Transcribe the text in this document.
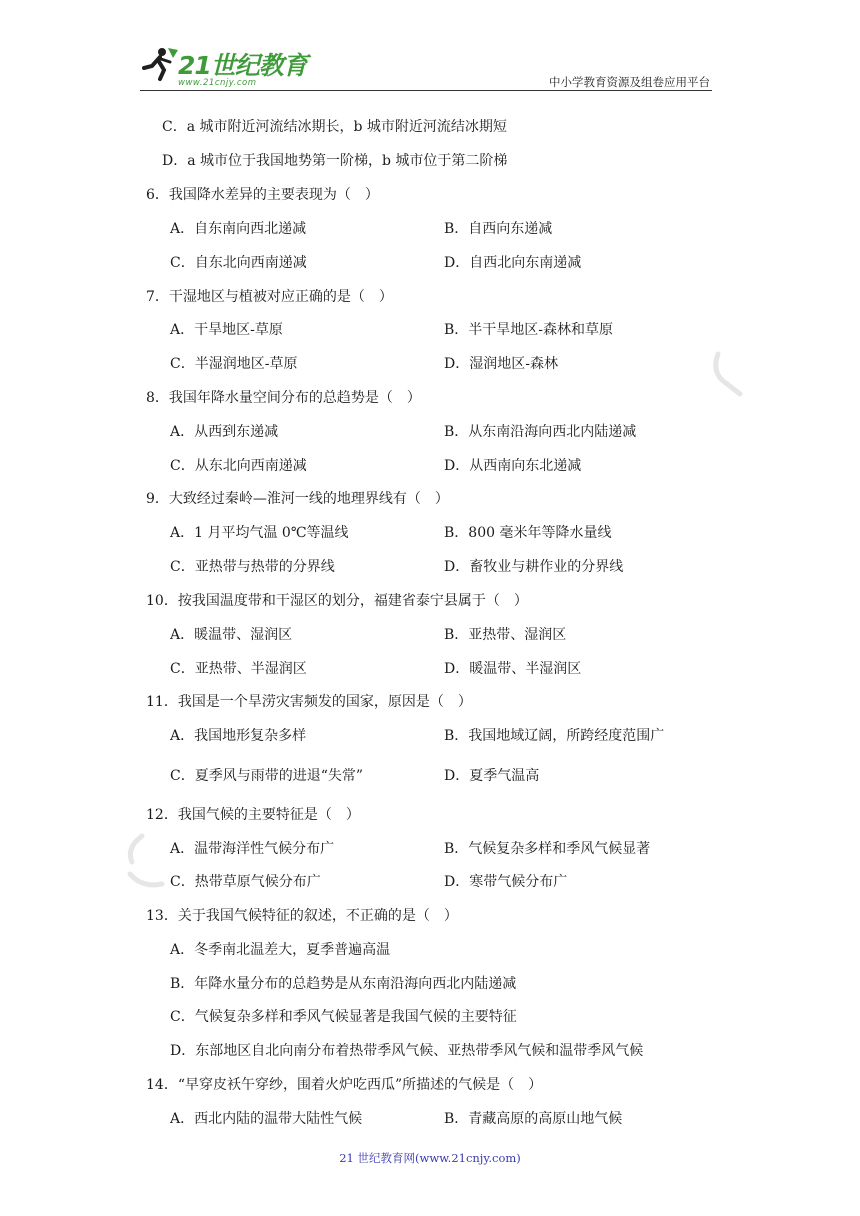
21世纪教育
www.21cnjy.com	中小学教育资源及组卷应用平台
C．a 城市附近河流结冰期长，b 城市附近河流结冰期短
D．a 城市位于我国地势第一阶梯，b 城市位于第二阶梯
6．我国降水差异的主要表现为（　）
A．自东南向西北递减	B．自西向东递减
C．自东北向西南递减	D．自西北向东南递减
7．干湿地区与植被对应正确的是（　）
A．干旱地区-草原	B．半干旱地区-森林和草原
C．半湿润地区-草原	D．湿润地区-森林
8．我国年降水量空间分布的总趋势是（　）
A．从西到东递减	B．从东南沿海向西北内陆递减
C．从东北向西南递减	D．从西南向东北递减
9．大致经过秦岭—淮河一线的地理界线有（　）
A．1 月平均气温 0℃等温线	B．800 毫米年等降水量线
C．亚热带与热带的分界线	D．畜牧业与耕作业的分界线
10．按我国温度带和干湿区的划分，福建省泰宁县属于（　）
A．暖温带、湿润区	B．亚热带、湿润区
C．亚热带、半湿润区	D．暖温带、半湿润区
11．我国是一个旱涝灾害频发的国家，原因是（　）
A．我国地形复杂多样	B．我国地域辽阔，所跨经度范围广
C．夏季风与雨带的进退“失常”	D．夏季气温高
12．我国气候的主要特征是（　）
A．温带海洋性气候分布广	B．气候复杂多样和季风气候显著
C．热带草原气候分布广	D．寒带气候分布广
13．关于我国气候特征的叙述，不正确的是（　）
A．冬季南北温差大，夏季普遍高温
B．年降水量分布的总趋势是从东南沿海向西北内陆递减
C．气候复杂多样和季风气候显著是我国气候的主要特征
D．东部地区自北向南分布着热带季风气候、亚热带季风气候和温带季风气候
14．“早穿皮袄午穿纱，围着火炉吃西瓜”所描述的气候是（　）
A．西北内陆的温带大陆性气候	B．青藏高原的高原山地气候
21 世纪教育网(www.21cnjy.com)
